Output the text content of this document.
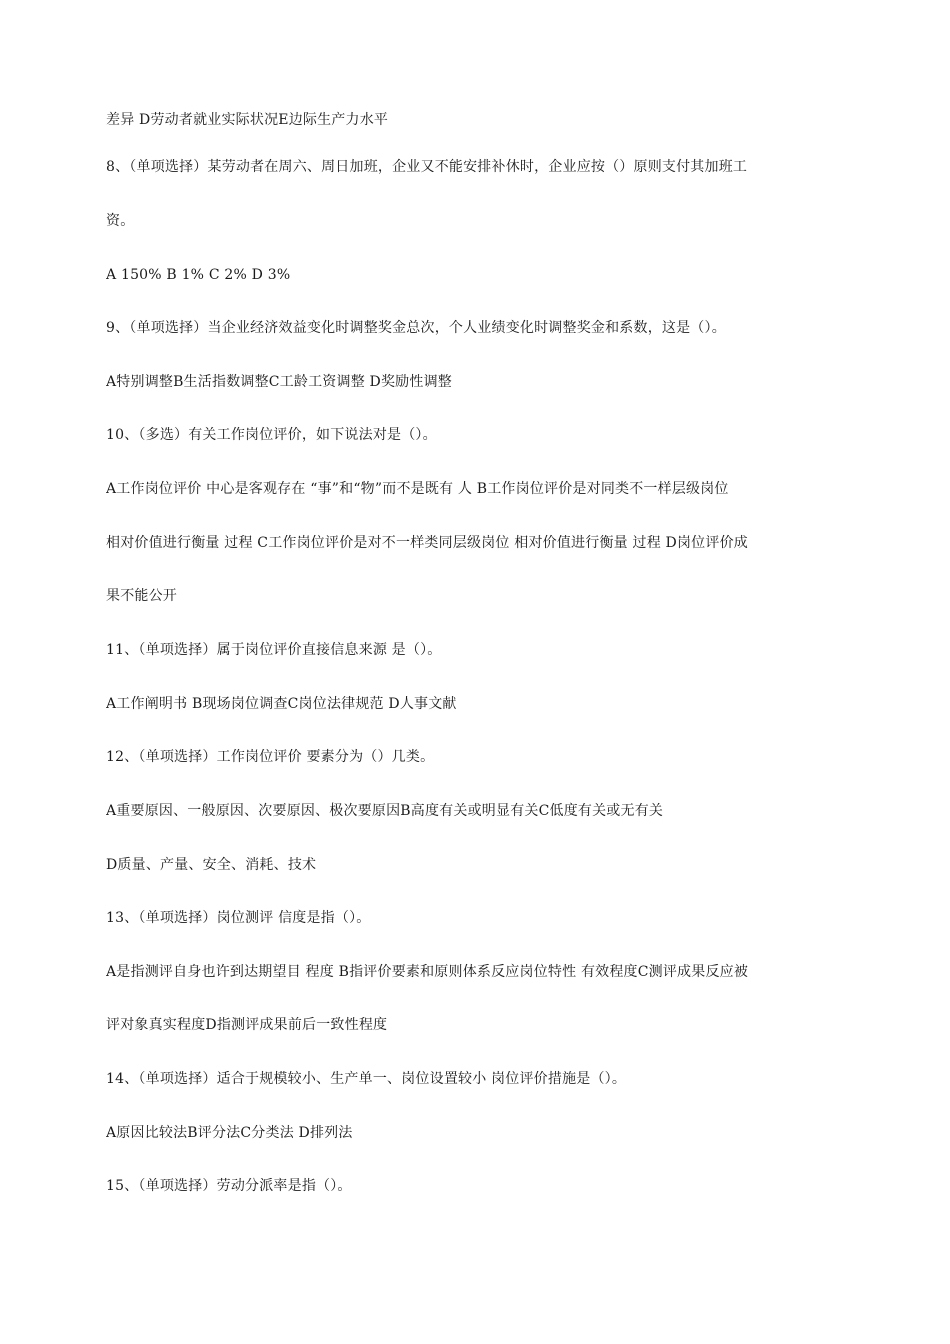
差异 D劳动者就业实际状况E边际生产力水平
8、（单项选择）某劳动者在周六、周日加班，企业又不能安排补休时，企业应按（）原则支付其加班工
资。
A 150% B 1% C 2% D 3%
9、（单项选择）当企业经济效益变化时调整奖金总次，个人业绩变化时调整奖金和系数，这是（）。
A特别调整B生活指数调整C工龄工资调整 D奖励性调整
10、（多选）有关工作岗位评价，如下说法对是（）。
A工作岗位评价 中心是客观存在 “事”和“物”而不是既有 人 B工作岗位评价是对同类不一样层级岗位
相对价值进行衡量 过程 C工作岗位评价是对不一样类同层级岗位 相对价值进行衡量 过程 D岗位评价成
果不能公开
11、（单项选择）属于岗位评价直接信息来源 是（）。
A工作阐明书 B现场岗位调查C岗位法律规范 D人事文献
12、（单项选择）工作岗位评价 要素分为（）几类。
A重要原因、一般原因、次要原因、极次要原因B高度有关或明显有关C低度有关或无有关
D质量、产量、安全、消耗、技术
13、（单项选择）岗位测评 信度是指（）。
A是指测评自身也许到达期望目 程度 B指评价要素和原则体系反应岗位特性 有效程度C测评成果反应被
评对象真实程度D指测评成果前后一致性程度
14、（单项选择）适合于规模较小、生产单一、岗位设置较小 岗位评价措施是（）。
A原因比较法B评分法C分类法 D排列法
15、（单项选择）劳动分派率是指（）。
